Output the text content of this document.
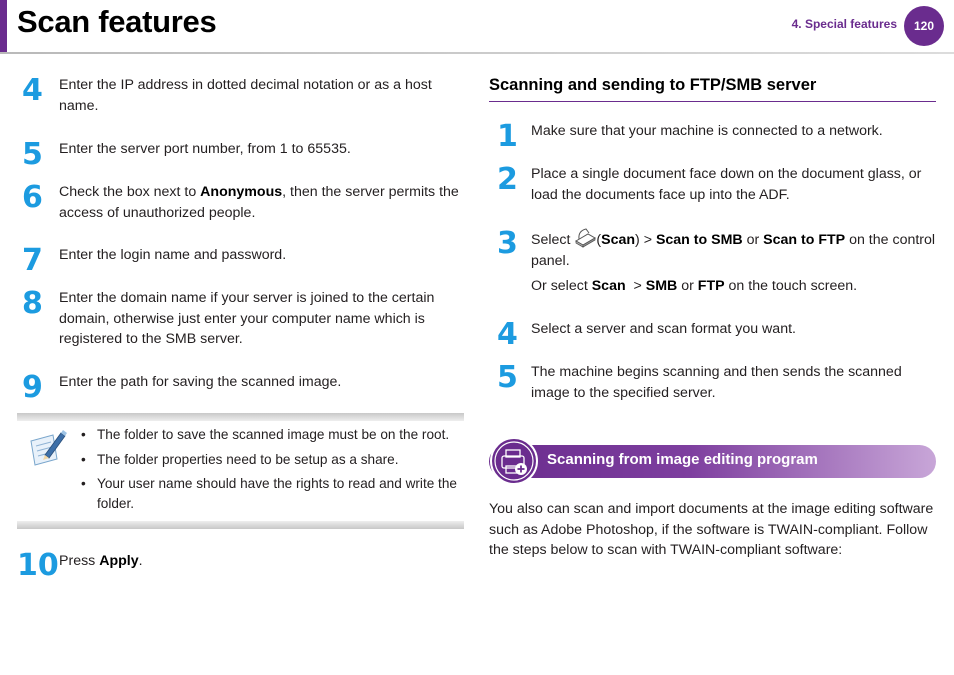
Scan features	4. Special features 120
4 Enter the IP address in dotted decimal notation or as a host name.
5 Enter the server port number, from 1 to 65535.
6 Check the box next to Anonymous, then the server permits the access of unauthorized people.
7 Enter the login name and password.
8 Enter the domain name if your server is joined to the certain domain, otherwise just enter your computer name which is registered to the SMB server.
9 Enter the path for saving the scanned image.
• The folder to save the scanned image must be on the root.
• The folder properties need to be setup as a share.
• Your user name should have the rights to read and write the folder.
10 Press Apply.
Scanning and sending to FTP/SMB server
1 Make sure that your machine is connected to a network.
2 Place a single document face down on the document glass, or load the documents face up into the ADF.
3 Select (Scan) > Scan to SMB or Scan to FTP on the control panel.
Or select Scan  > SMB or FTP on the touch screen.
4 Select a server and scan format you want.
5 The machine begins scanning and then sends the scanned image to the specified server.
Scanning from image editing program
You also can scan and import documents at the image editing software such as Adobe Photoshop, if the software is TWAIN-compliant. Follow the steps below to scan with TWAIN-compliant software:
